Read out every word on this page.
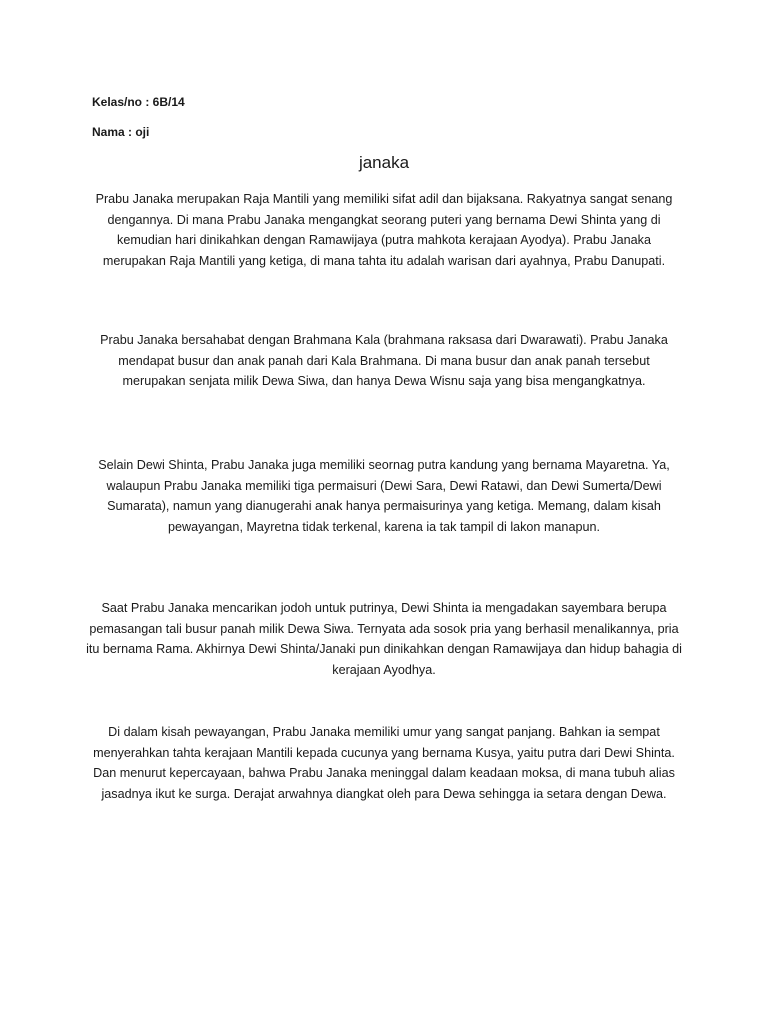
Kelas/no : 6B/14
Nama : oji
janaka

Prabu Janaka merupakan Raja Mantili yang memiliki sifat adil dan bijaksana. Rakyatnya sangat senang dengannya. Di mana Prabu Janaka mengangkat seorang puteri yang bernama Dewi Shinta yang di kemudian hari dinikahkan dengan Ramawijaya (putra mahkota kerajaan Ayodya). Prabu Janaka merupakan Raja Mantili yang ketiga, di mana tahta itu adalah warisan dari ayahnya, Prabu Danupati.

Prabu Janaka bersahabat dengan Brahmana Kala (brahmana raksasa dari Dwarawati). Prabu Janaka mendapat busur dan anak panah dari Kala Brahmana. Di mana busur dan anak panah tersebut merupakan senjata milik Dewa Siwa, dan hanya Dewa Wisnu saja yang bisa mengangkatnya.

Selain Dewi Shinta, Prabu Janaka juga memiliki seornag putra kandung yang bernama Mayaretna. Ya, walaupun Prabu Janaka memiliki tiga permaisuri (Dewi Sara, Dewi Ratawi, dan Dewi Sumerta/Dewi Sumarata), namun yang dianugerahi anak hanya permaisurinya yang ketiga. Memang, dalam kisah pewayangan, Mayretna tidak terkenal, karena ia tak tampil di lakon manapun.

Saat Prabu Janaka mencarikan jodoh untuk putrinya, Dewi Shinta ia mengadakan sayembara berupa pemasangan tali busur panah milik Dewa Siwa. Ternyata ada sosok pria yang berhasil menalikannya, pria itu bernama Rama. Akhirnya Dewi Shinta/Janaki pun dinikahkan dengan Ramawijaya dan hidup bahagia di kerajaan Ayodhya.

Di dalam kisah pewayangan, Prabu Janaka memiliki umur yang sangat panjang. Bahkan ia sempat menyerahkan tahta kerajaan Mantili kepada cucunya yang bernama Kusya, yaitu putra dari Dewi Shinta. Dan menurut kepercayaan, bahwa Prabu Janaka meninggal dalam keadaan moksa, di mana tubuh alias jasadnya ikut ke surga. Derajat arwahnya diangkat oleh para Dewa sehingga ia setara dengan Dewa.
